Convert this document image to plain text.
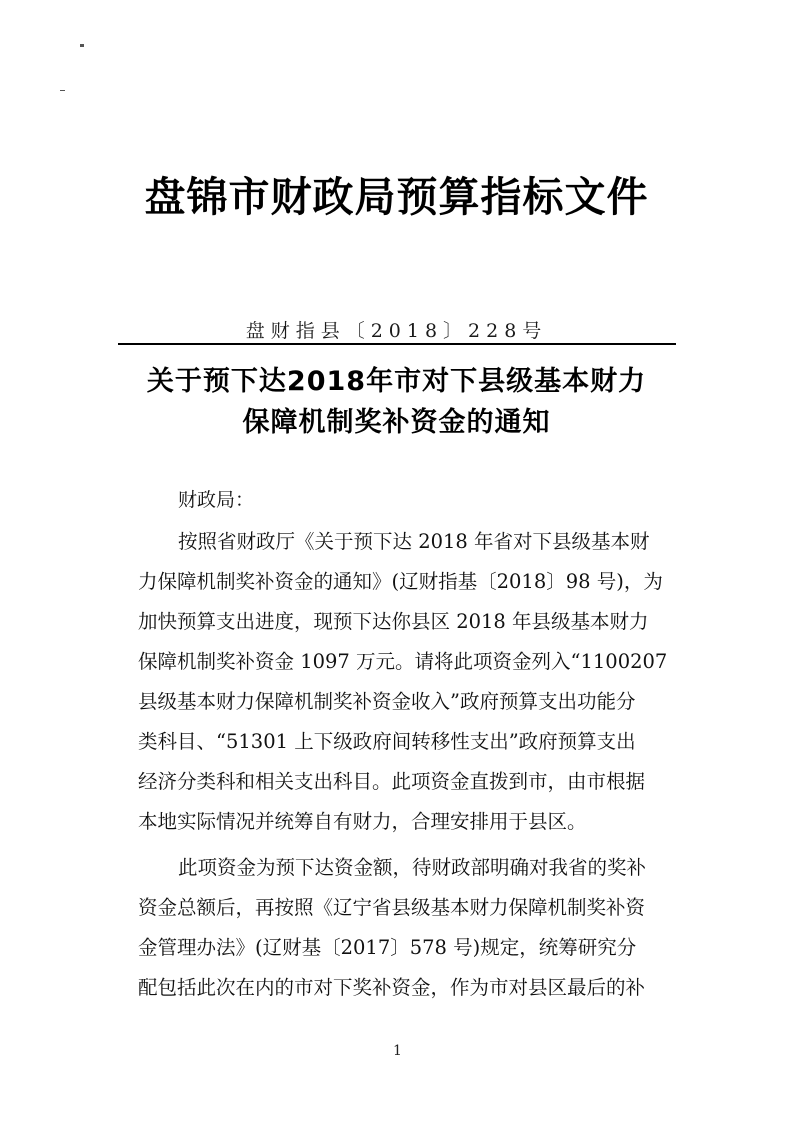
盘锦市财政局预算指标文件
盘财指县〔2018〕228号
关于预下达2018年市对下县级基本财力
保障机制奖补资金的通知
财政局：
按照省财政厅《关于预下达 2018 年省对下县级基本财
力保障机制奖补资金的通知》(辽财指基〔2018〕98 号)，为
加快预算支出进度，现预下达你县区 2018 年县级基本财力
保障机制奖补资金 1097 万元。请将此项资金列入“1100207
县级基本财力保障机制奖补资金收入”政府预算支出功能分
类科目、“51301 上下级政府间转移性支出”政府预算支出
经济分类科和相关支出科目。此项资金直拨到市，由市根据
本地实际情况并统筹自有财力，合理安排用于县区。
此项资金为预下达资金额，待财政部明确对我省的奖补
资金总额后，再按照《辽宁省县级基本财力保障机制奖补资
金管理办法》(辽财基〔2017〕578 号)规定，统筹研究分
配包括此次在内的市对下奖补资金，作为市对县区最后的补
1
